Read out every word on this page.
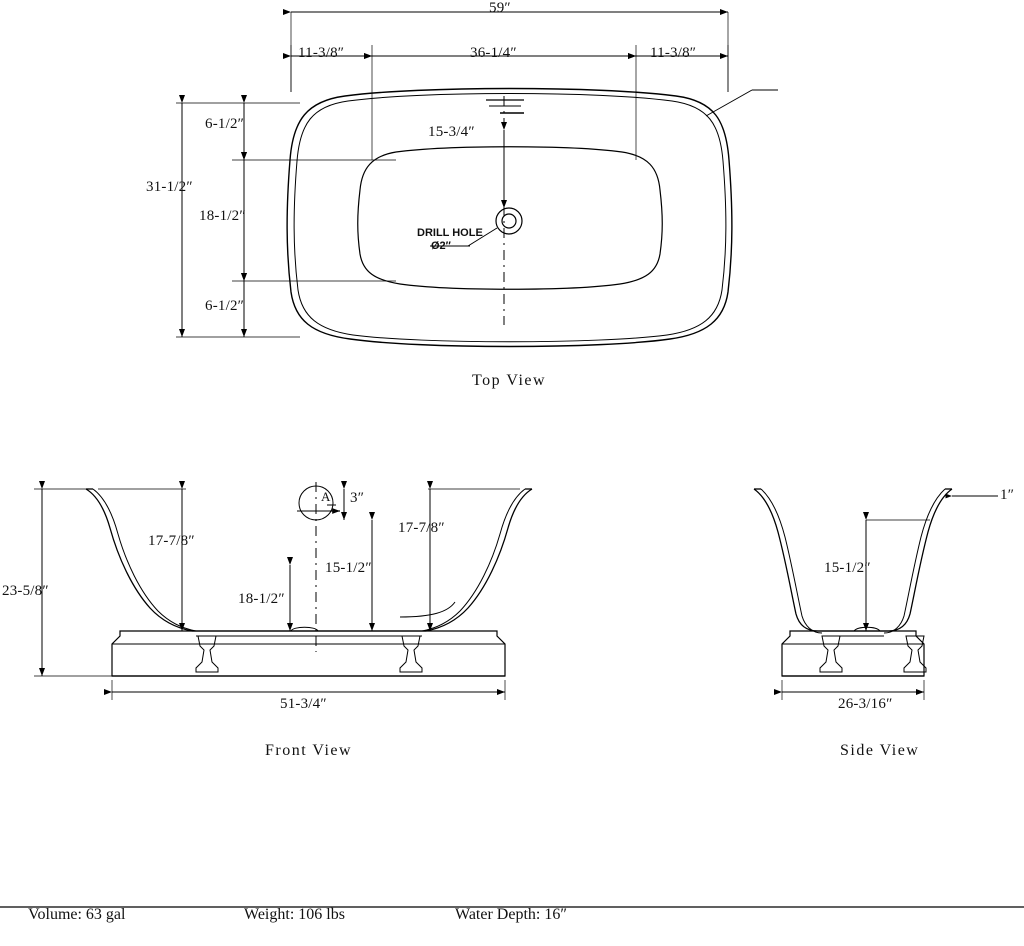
59″
11-3/8″	36-1/4″	11-3/8″
6-1/2″
31-1/2″
18-1/2″
6-1/2″
15-3/4″
DRILL HOLE
Ø2″
Top View
23-5/8″
17-7/8″
17-7/8″
15-1/2″
18-1/2″
3″
A
51-3/4″
Front View
1″
15-1/2″
26-3/16″
Side View
Volume: 63 gal	Weight: 106 lbs	Water Depth: 16″
